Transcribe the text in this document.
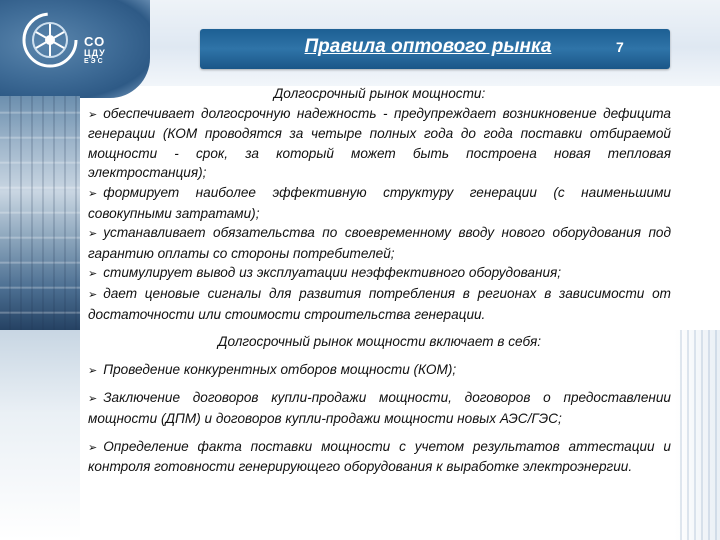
СО
ЦДУ
ЕЭС
Правила оптового рынка	7
Долгосрочный рынок мощности:
➢ обеспечивает долгосрочную надежность - предупреждает возникновение дефицита генерации (КОМ проводятся за четыре полных года до года поставки отбираемой мощности - срок, за который может быть построена новая тепловая электростанция);
➢ формирует наиболее эффективную структуру генерации (с наименьшими совокупными затратами);
➢ устанавливает обязательства по своевременному вводу нового оборудования под гарантию оплаты со стороны потребителей;
➢ стимулирует вывод из эксплуатации неэффективного оборудования;
➢ дает ценовые сигналы для развития потребления в регионах в зависимости от достаточности или стоимости строительства генерации.
Долгосрочный рынок мощности включает в себя:
➢ Проведение конкурентных отборов мощности (КОМ);
➢ Заключение договоров купли-продажи мощности, договоров о предоставлении мощности (ДПМ) и договоров купли-продажи мощности новых АЭС/ГЭС;
➢ Определение факта поставки мощности с учетом результатов аттестации и контроля готовности генерирующего оборудования к выработке электроэнергии.
